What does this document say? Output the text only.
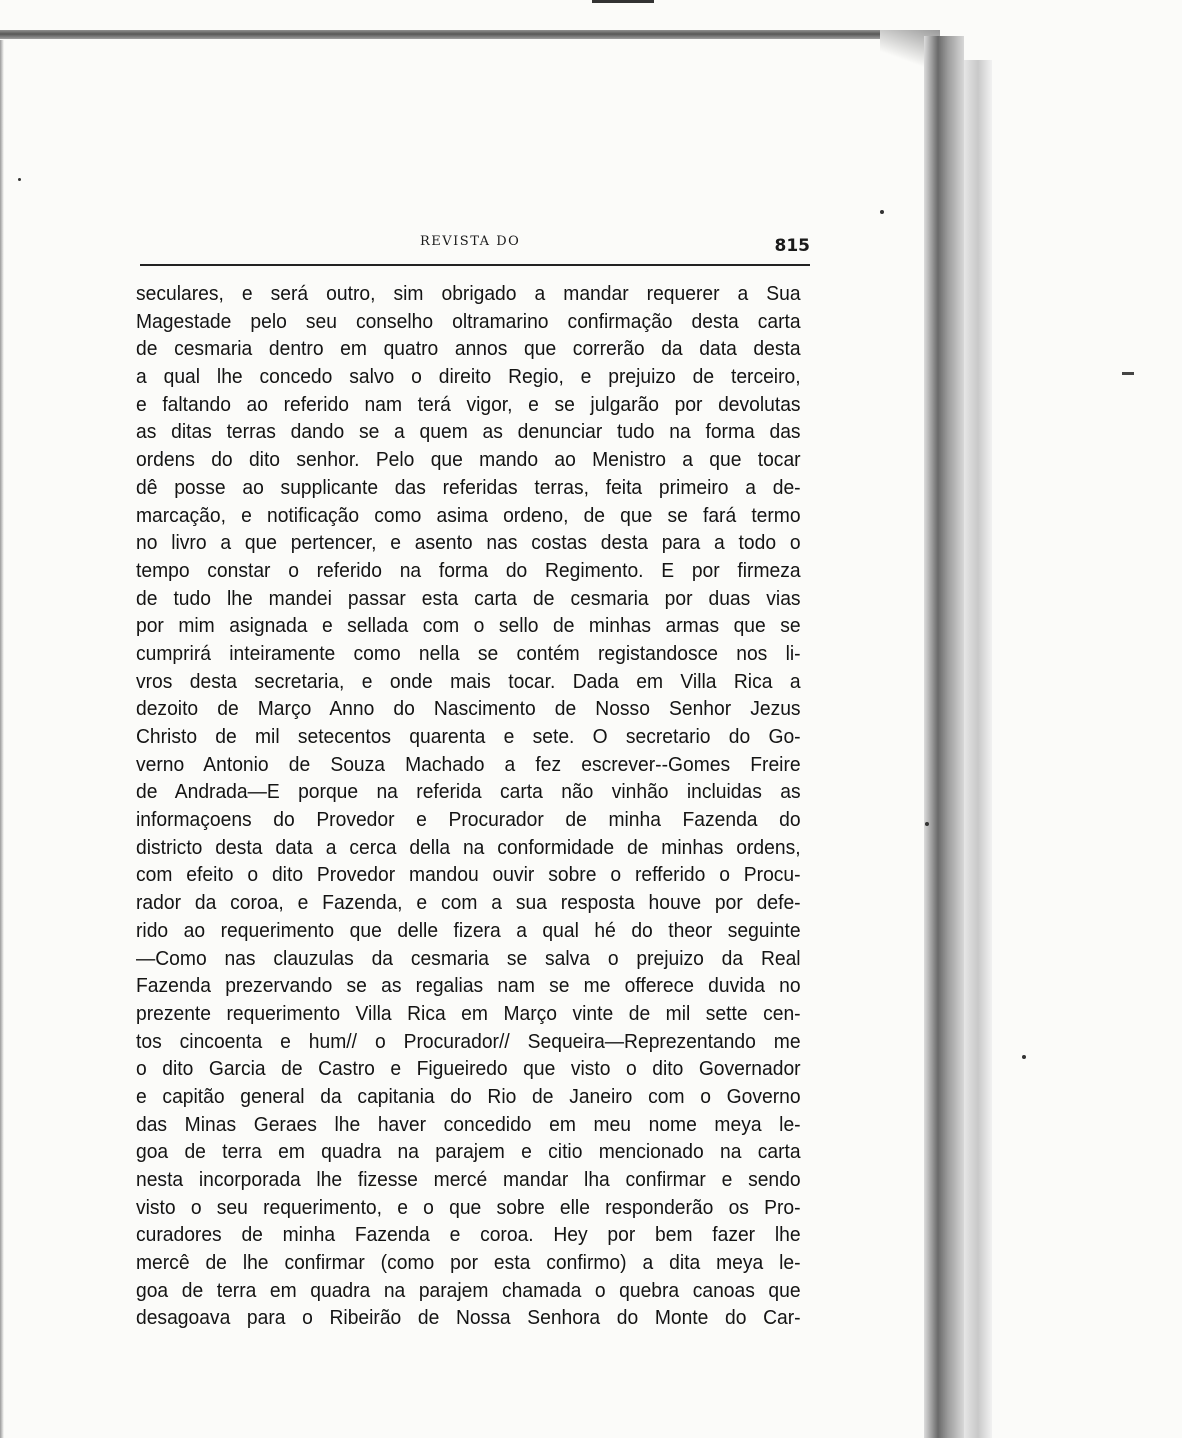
REVISTA DO	815
seculares, e será outro, sim obrigado a mandar requerer a Sua
Magestade pelo seu conselho oltramarino confirmação desta carta
de cesmaria dentro em quatro annos que correrão da data desta
a qual lhe concedo salvo o direito Regio, e prejuizo de terceiro,
e faltando ao referido nam terá vigor, e se julgarão por devolutas
as ditas terras dando se a quem as denunciar tudo na forma das
ordens do dito senhor. Pelo que mando ao Menistro a que tocar
dê posse ao supplicante das referidas terras, feita primeiro a de-
marcação, e notificação como asima ordeno, de que se fará termo
no livro a que pertencer, e asento nas costas desta para a todo o
tempo constar o referido na forma do Regimento. E por firmeza
de tudo lhe mandei passar esta carta de cesmaria por duas vias
por mim asignada e sellada com o sello de minhas armas que se
cumprirá inteiramente como nella se contém registandosce nos li-
vros desta secretaria, e onde mais tocar. Dada em Villa Rica a
dezoito de Março Anno do Nascimento de Nosso Senhor Jezus
Christo de mil setecentos quarenta e sete. O secretario do Go-
verno Antonio de Souza Machado a fez escrever--Gomes Freire
de Andrada—E porque na referida carta não vinhão incluidas as
informaçoens do Provedor e Procurador de minha Fazenda do
districto desta data a cerca della na conformidade de minhas ordens,
com efeito o dito Provedor mandou ouvir sobre o refferido o Procu-
rador da coroa, e Fazenda, e com a sua resposta houve por defe-
rido ao requerimento que delle fizera a qual hé do theor seguinte
—Como nas clauzulas da cesmaria se salva o prejuizo da Real
Fazenda prezervando se as regalias nam se me offerece duvida no
prezente requerimento Villa Rica em Março vinte de mil sette cen-
tos cincoenta e hum// o Procurador// Sequeira—Reprezentando me
o dito Garcia de Castro e Figueiredo que visto o dito Governador
e capitão general da capitania do Rio de Janeiro com o Governo
das Minas Geraes lhe haver concedido em meu nome meya le-
goa de terra em quadra na parajem e citio mencionado na carta
nesta incorporada lhe fizesse mercé mandar lha confirmar e sendo
visto o seu requerimento, e o que sobre elle responderão os Pro-
curadores de minha Fazenda e coroa. Hey por bem fazer lhe
mercê de lhe confirmar (como por esta confirmo) a dita meya le-
goa de terra em quadra na parajem chamada o quebra canoas que
desagoava para o Ribeirão de Nossa Senhora do Monte do Car-
